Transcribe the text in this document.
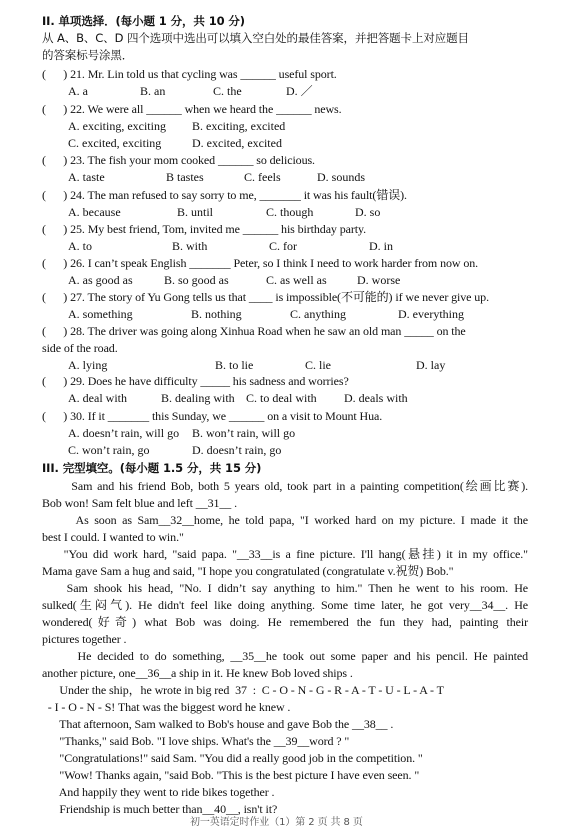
II. 单项选择．(每小题 1 分，共 10 分)
从 A、B、C、D 四个选项中选出可以填入空白处的最佳答案，并把答题卡上对应题目
的答案标号涂黑．
(      ) 21. Mr. Lin told us that cycling was ______ useful sport.
A. a	B. an	C. the	D. ／
(      ) 22. We were all ______ when we heard the ______ news.
A. exciting, exciting B. exciting, excited
C. excited, exciting	D. excited, excited
(      ) 23. The fish your mom cooked ______ so delicious.
A. taste	B tastes	C. feels	D. sounds
(      ) 24. The man refused to say sorry to me, _______ it was his fault(错误).
A. because	B. until	C. though	D. so
(      ) 25. My best friend, Tom, invited me ______ his birthday party.
A. to	B. with	C. for	D. in
(      ) 26. I can’t speak English _______ Peter, so I think I need to work harder from now on.
A. as good as	B. so good as	C. as well as	D. worse
(      ) 27. The story of Yu Gong tells us that ____ is impossible(不可能的) if we never give up.
A. something	B. nothing	C. anything	D. everything
(      ) 28. The driver was going along Xinhua Road when he saw an old man _____ on the
side of the road.
A. lying	B. to lie	C. lie	D. lay
(      ) 29. Does he have difficulty _____ his sadness and worries?
A. deal with	B. dealing with C. to deal with D. deals with
(      ) 30. If it _______ this Sunday, we ______ on a visit to Mount Hua.
A. doesn’t rain, will go B. won’t rain, will go
C. won’t rain, go	D. doesn’t rain, go
III. 完型填空。(每小题 1.5 分，共 15 分)
Sam and his friend Bob, both 5 years old, took part in a painting competition(绘画比赛).
Bob won! Sam felt blue and left __31__ .
As soon as Sam__32__home, he told papa, "I worked hard on my picture. I made it the
best I could. I wanted to win."
"You did work hard, "said papa. "__33__is a fine picture. I'll hang(悬挂) it in my office."
Mama gave Sam a hug and said, "I hope you congratulated (congratulate v.祝贺) Bob."
Sam shook his head, "No. I didn’t say anything to him." Then he went to his room. He
sulked(生闷气). He didn't feel like doing anything. Some time later, he got very__34__. He
wondered(好奇) what Bob was doing. He remembered the fun they had, painting their
pictures together .
He decided to do something, __35__he took out some paper and his pencil. He painted
another picture, one__36__a ship in it. He knew Bob loved ships .
Under the ship，he wrote in big red  37  :  C - O - N - G - R - A - T - U - L - A - T
- I - O - N - S! That was the biggest word he knew .
That afternoon, Sam walked to Bob's house and gave Bob the __38__ .
"Thanks," said Bob. "I love ships. What's the __39__word ? "
"Congratulations!" said Sam. "You did a really good job in the competition. "
"Wow! Thanks again, "said Bob. "This is the best picture I have even seen. "
And happily they went to ride bikes together .
Friendship is much better than__40__, isn't it?
初一英语定时作业（1）第 2 页 共 8 页
